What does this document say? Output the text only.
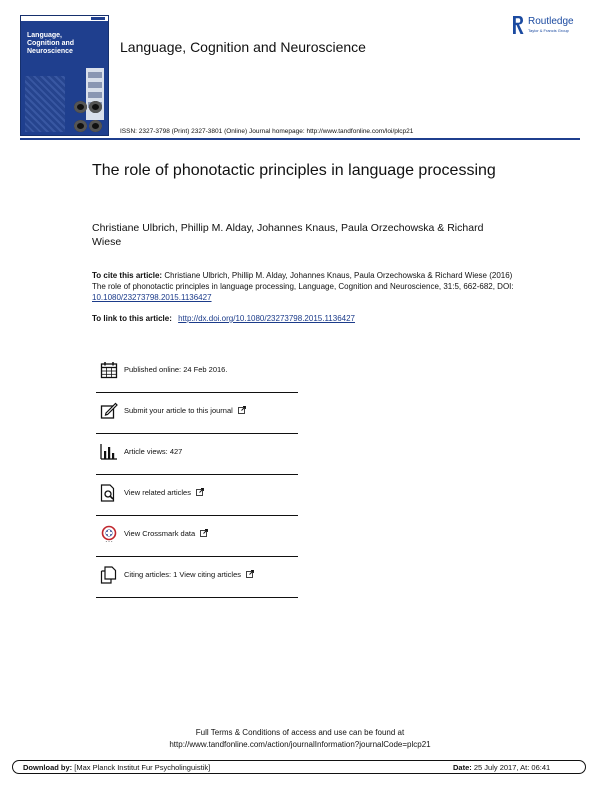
Language,
Cognition and
Neuroscience	Language, Cognition and Neuroscience
Routledge
Taylor & Francis Group
ISSN: 2327-3798 (Print) 2327-3801 (Online) Journal homepage: http://www.tandfonline.com/loi/plcp21
The role of phonotactic principles in language processing
Christiane Ulbrich, Phillip M. Alday, Johannes Knaus, Paula Orzechowska & Richard Wiese
To cite this article: Christiane Ulbrich, Phillip M. Alday, Johannes Knaus, Paula Orzechowska & Richard Wiese (2016) The role of phonotactic principles in language processing, Language, Cognition and Neuroscience, 31:5, 662-682, DOI: 10.1080/23273798.2015.1136427
To link to this article: http://dx.doi.org/10.1080/23273798.2015.1136427
Published online: 24 Feb 2016.
Submit your article to this journal
Article views: 427
View related articles
• • •
View Crossmark data
Citing articles: 1 View citing articles
Full Terms & Conditions of access and use can be found at
http://www.tandfonline.com/action/journalInformation?journalCode=plcp21
Download by: [Max Planck Institut Fur Psycholinguistik]	Date: 25 July 2017, At: 06:41
